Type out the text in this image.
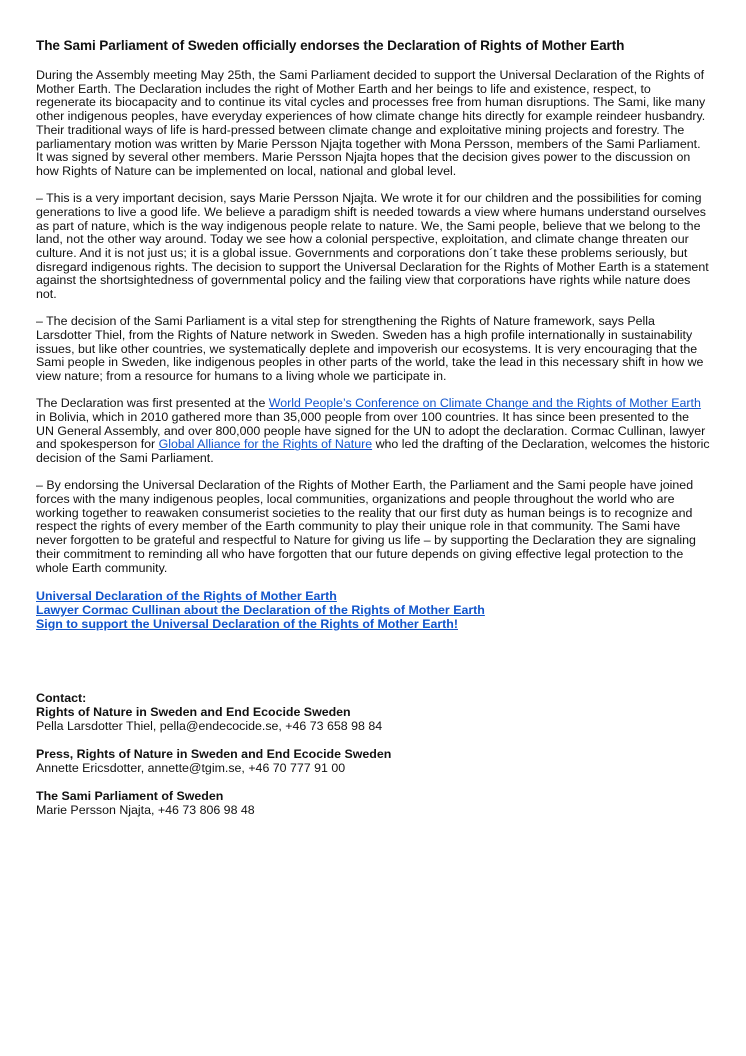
The Sami Parliament of Sweden officially endorses the Declaration of Rights of Mother Earth

During the Assembly meeting May 25th, the Sami Parliament decided to support the Universal Declaration of the Rights of Mother Earth. The Declaration includes the right of Mother Earth and her beings to life and existence, respect, to regenerate its biocapacity and to continue its vital cycles and processes free from human disruptions. The Sami, like many other indigenous peoples, have everyday experiences of how climate change hits directly for example reindeer husbandry. Their traditional ways of life is hard-pressed between climate change and exploitative mining projects and forestry. The parliamentary motion was written by Marie Persson Njajta together with Mona Persson, members of the Sami Parliament. It was signed by several other members. Marie Persson Njajta hopes that the decision gives power to the discussion on how Rights of Nature can be implemented on local, national and global level.

– This is a very important decision, says Marie Persson Njajta. We wrote it for our children and the possibilities for coming generations to live a good life. We believe a paradigm shift is needed towards a view where humans understand ourselves as part of nature, which is the way indigenous people relate to nature. We, the Sami people, believe that we belong to the land, not the other way around. Today we see how a colonial perspective, exploitation, and climate change threaten our culture. And it is not just us; it is a global issue. Governments and corporations don´t take these problems seriously, but disregard indigenous rights. The decision to support the Universal Declaration for the Rights of Mother Earth is a statement against the shortsightedness of governmental policy and the failing view that corporations have rights while nature does not.

– The decision of the Sami Parliament is a vital step for strengthening the Rights of Nature framework, says Pella Larsdotter Thiel, from the Rights of Nature network in Sweden. Sweden has a high profile internationally in sustainability issues, but like other countries, we systematically deplete and impoverish our ecosystems. It is very encouraging that the Sami people in Sweden, like indigenous peoples in other parts of the world, take the lead in this necessary shift in how we view nature; from a resource for humans to a living whole we participate in.

The Declaration was first presented at the World People’s Conference on Climate Change and the Rights of Mother Earth in Bolivia, which in 2010 gathered more than 35,000 people from over 100 countries. It has since been presented to the UN General Assembly, and over 800,000 people have signed for the UN to adopt the declaration. Cormac Cullinan, lawyer and spokesperson for Global Alliance for the Rights of Nature who led the drafting of the Declaration, welcomes the historic decision of the Sami Parliament.

– By endorsing the Universal Declaration of the Rights of Mother Earth, the Parliament and the Sami people have joined forces with the many indigenous peoples, local communities, organizations and people throughout the world who are working together to reawaken consumerist societies to the reality that our first duty as human beings is to recognize and respect the rights of every member of the Earth community to play their unique role in that community. The Sami have never forgotten to be grateful and respectful to Nature for giving us life – by supporting the Declaration they are signaling their commitment to reminding all who have forgotten that our future depends on giving effective legal protection to the whole Earth community.

Universal Declaration of the Rights of Mother Earth
Lawyer Cormac Cullinan about the Declaration of the Rights of Mother Earth
Sign to support the Universal Declaration of the Rights of Mother Earth!
Contact:
Rights of Nature in Sweden and End Ecocide Sweden
Pella Larsdotter Thiel, pella@endecocide.se, +46 73 658 98 84
Press, Rights of Nature in Sweden and End Ecocide Sweden
Annette Ericsdotter, annette@tgim.se, +46 70 777 91 00
The Sami Parliament of Sweden
Marie Persson Njajta, +46 73 806 98 48
